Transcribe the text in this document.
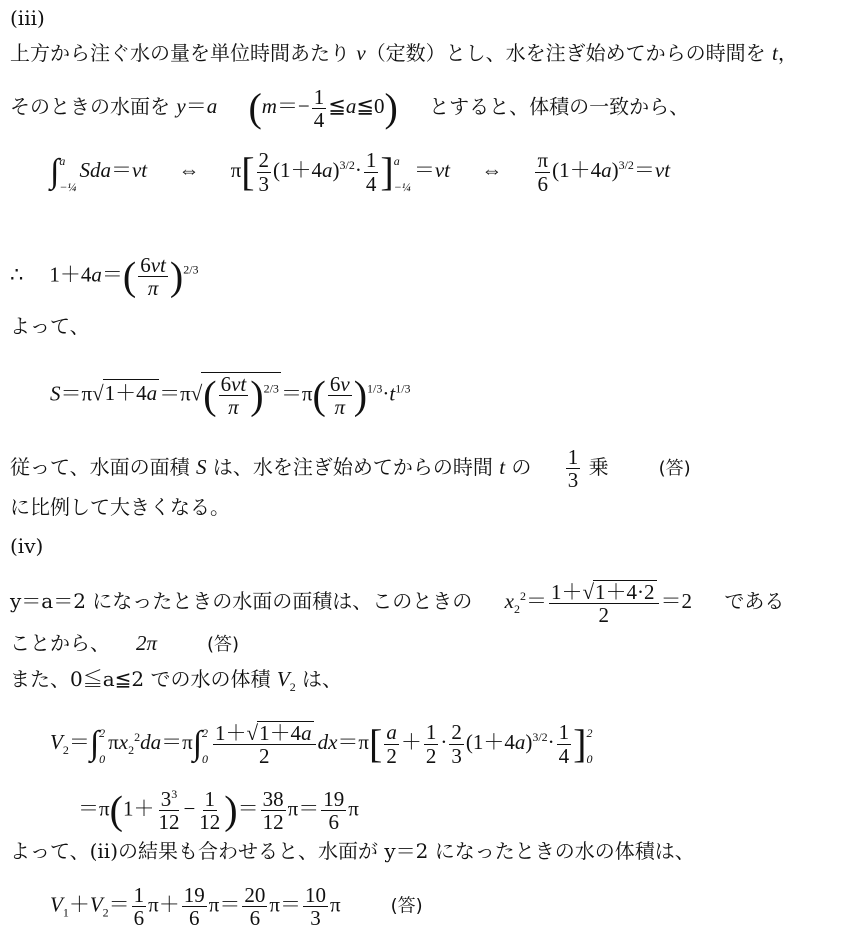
(iii)
上方から注ぐ水の量を単位時間あたり v（定数）とし、水を注ぎ始めてからの時間を t，
そのときの水面を y＝a ($m=- \frac{1}{4}$ ≦a≦0) とすると、体積の一致から、
∫ a
−¼
Sda＝vt ⇔ $\pi[ \frac{2}{3} (1+4a)^{3/2}\cdot \frac{1}{4}$ ] a
−¼
＝vt ⇔ $\frac{\pi}{6} (1+4a)^{3/2}=vt$
∴ $1+4a=( \frac{6vt}{\pi} )^{2/3}$
よって、
$S=\pi√1+4a=\pi√( \frac{6vt}{\pi} )^{2/3}=\pi( \frac{6v}{\pi} )^{1/3}\cdot t^{1/3}$
従って、水面の面積 S は、水を注ぎ始めてからの時間 t の $\frac{1}{3}$ 乗	(答)
に比例して大きくなる。
(iv)
y＝a＝2 になったときの水面の面積は、このときの $x_2^2= \frac{1+√1+4\cdot 2}{2} =2$ である
ことから、 2π	(答)
また、0≦a≦2 での水の体積 $V_2$ は、
$V_2=\int$ 2
0
$\pi x_2^2da=\pi\int$ 2
$0 \frac{1+√1+4a}{2} dx=\pi[ \frac{a}{2} + \frac{1}{2} \cdot \frac{2}{3} (1+4a)^{3/2}\cdot \frac{1}{4}$ ] 2
0
$=\pi(1+ \frac{3^3}{12} - \frac{1}{12}$ )＝ $\frac{38}{12} \pi= \frac{19}{6}$ π
よって、(ii)の結果も合わせると、水面が y＝2 になったときの水の体積は、
$V_1+V_2= \frac{1}{6} \pi+ \frac{19}{6} \pi= \frac{20}{6} \pi= \frac{10}{3}$ π	(答)
